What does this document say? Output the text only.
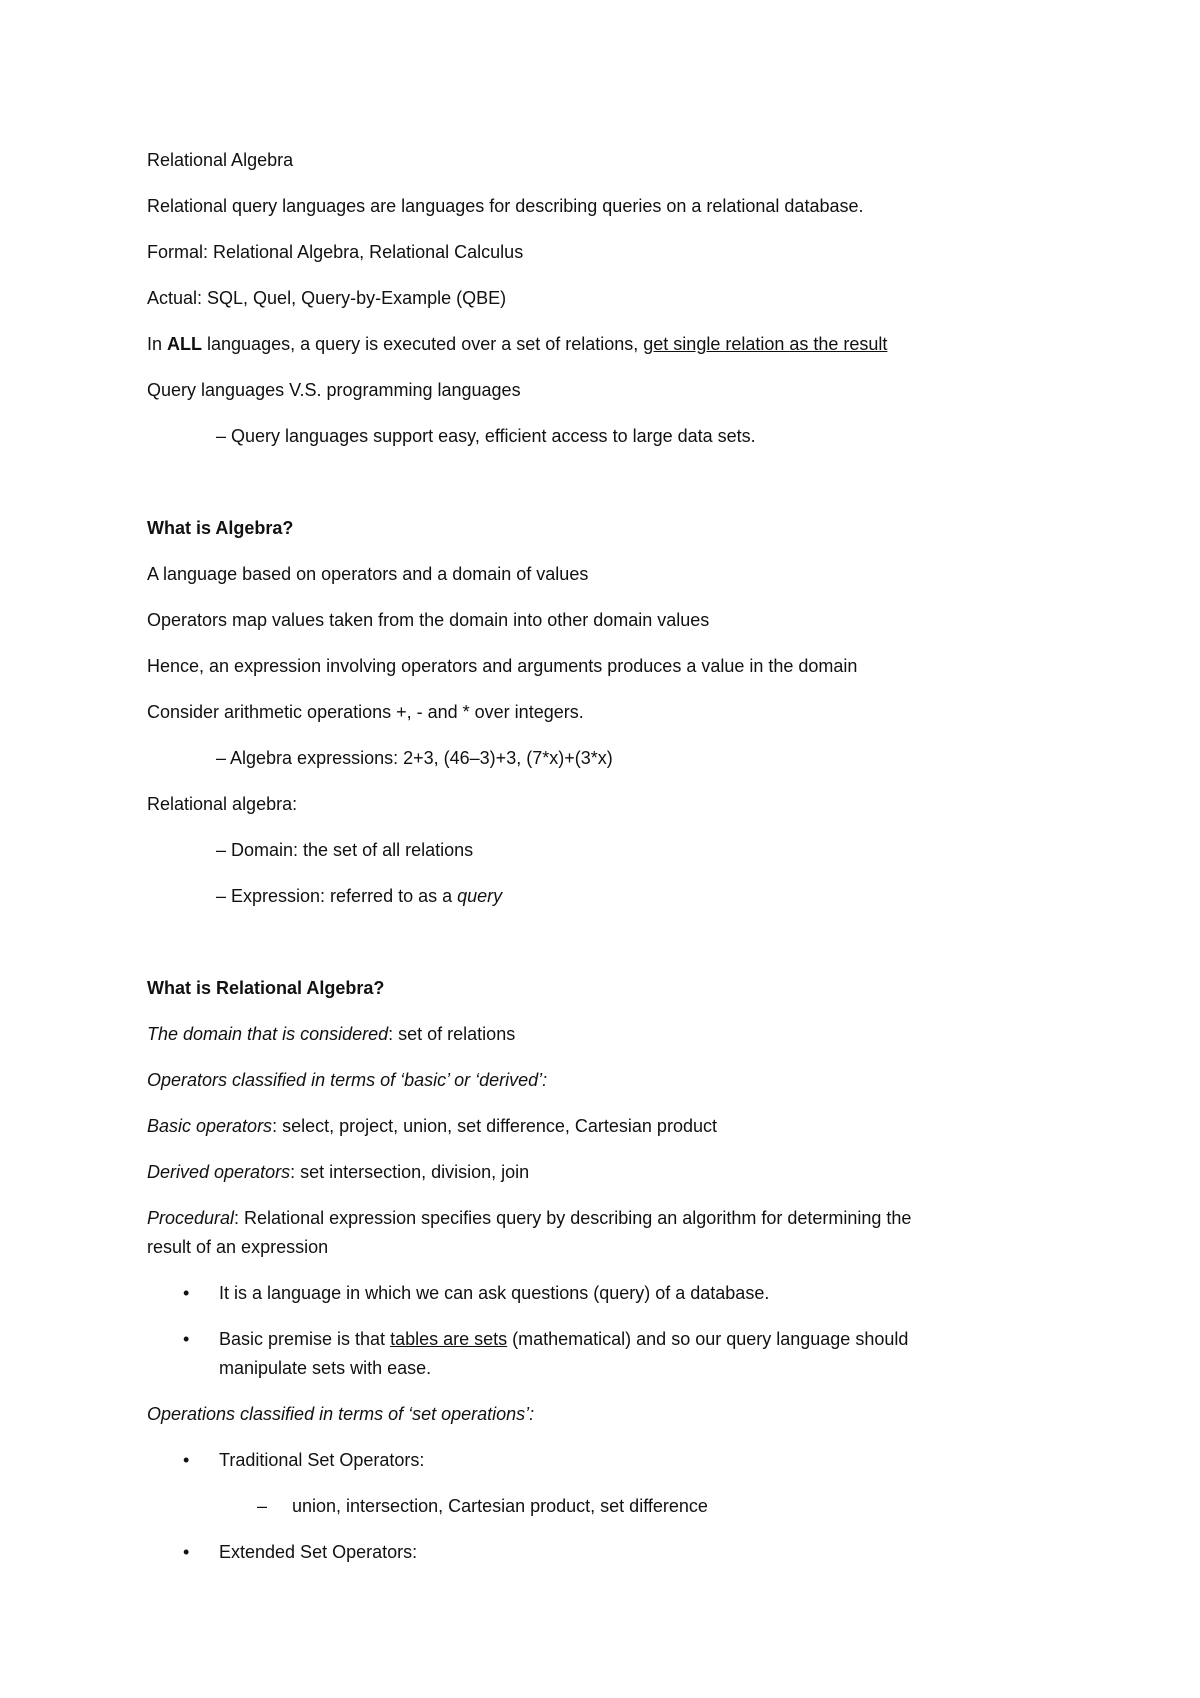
Relational Algebra
Relational query languages are languages for describing queries on a relational database.
Formal: Relational Algebra, Relational Calculus
Actual: SQL, Quel, Query-by-Example (QBE)
In ALL languages, a query is executed over a set of relations, get single relation as the result
Query languages V.S. programming languages
– Query languages support easy, efficient access to large data sets.
What is Algebra?
A language based on operators and a domain of values
Operators map values taken from the domain into other domain values
Hence, an expression involving operators and arguments produces a value in the domain
Consider arithmetic operations +, - and * over integers.
– Algebra expressions: 2+3, (46–3)+3, (7*x)+(3*x)
Relational algebra:
– Domain: the set of all relations
– Expression: referred to as a query
What is Relational Algebra?
The domain that is considered: set of relations
Operators classified in terms of ‘basic’ or ‘derived’:
Basic operators: select, project, union, set difference, Cartesian product
Derived operators: set intersection, division, join
Procedural: Relational expression specifies query by describing an algorithm for determining the
result of an expression
• It is a language in which we can ask questions (query) of a database.
• Basic premise is that tables are sets (mathematical) and so our query language should
manipulate sets with ease.
Operations classified in terms of ‘set operations’:
• Traditional Set Operators:
– union, intersection, Cartesian product, set difference
• Extended Set Operators:
